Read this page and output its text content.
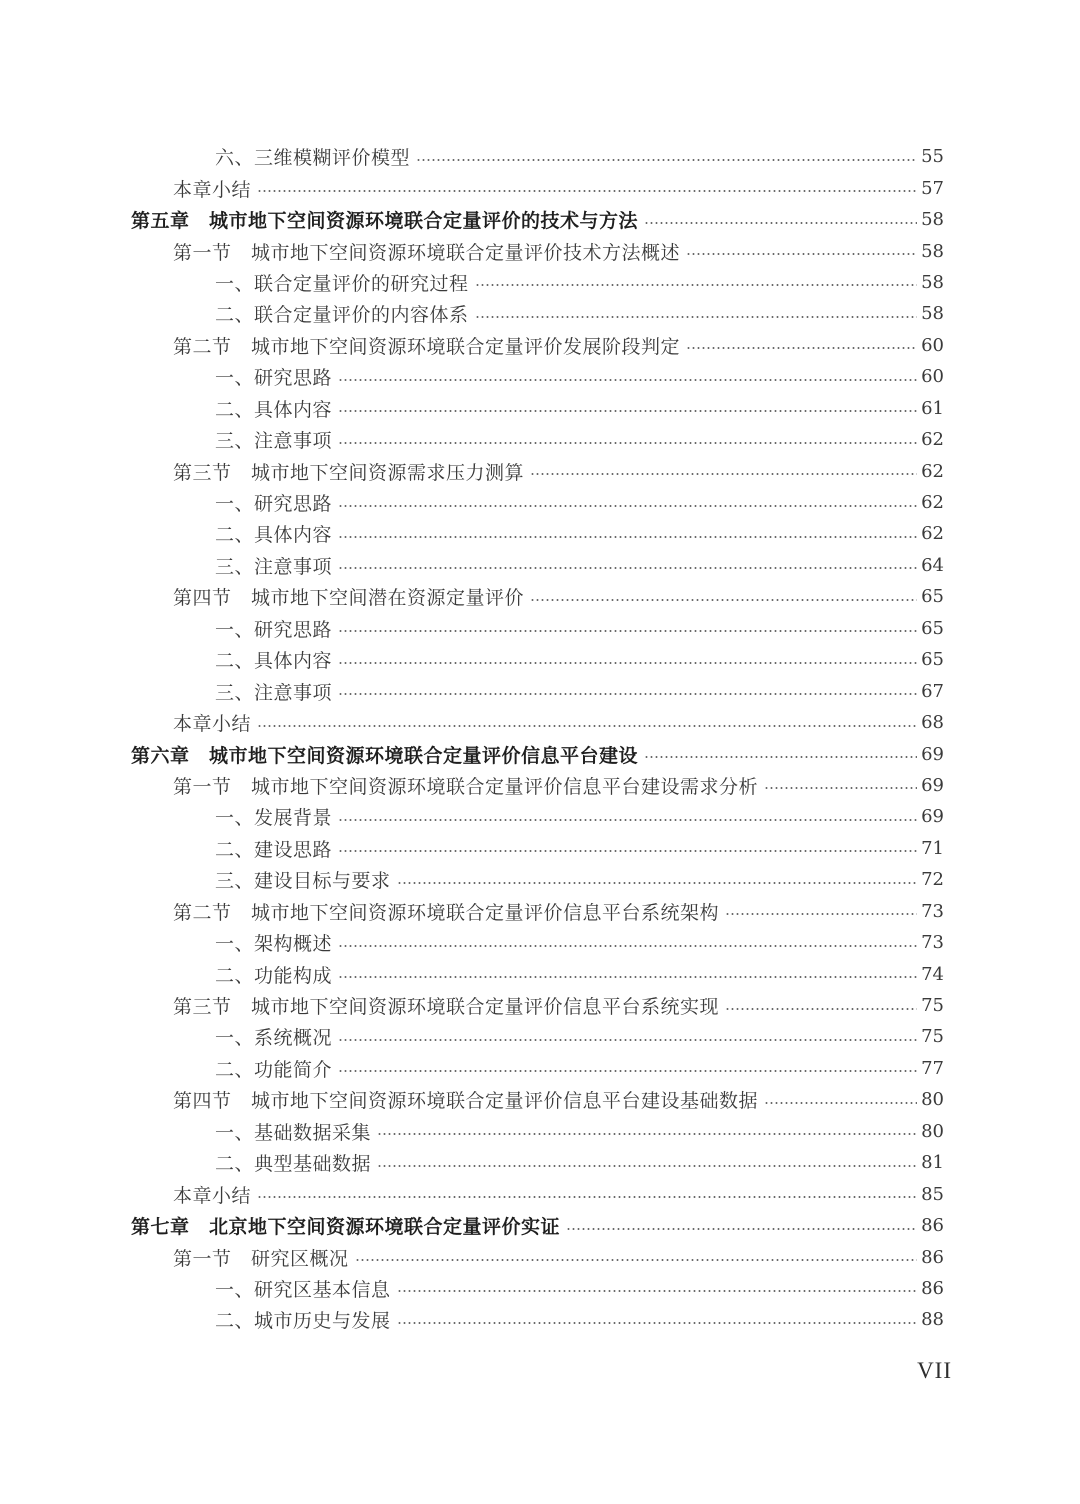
六、三维模糊评价模型	55
本章小结	57
第五章　城市地下空间资源环境联合定量评价的技术与方法	58
第一节　城市地下空间资源环境联合定量评价技术方法概述	58
一、联合定量评价的研究过程	58
二、联合定量评价的内容体系	58
第二节　城市地下空间资源环境联合定量评价发展阶段判定	60
一、研究思路	60
二、具体内容	61
三、注意事项	62
第三节　城市地下空间资源需求压力测算	62
一、研究思路	62
二、具体内容	62
三、注意事项	64
第四节　城市地下空间潜在资源定量评价	65
一、研究思路	65
二、具体内容	65
三、注意事项	67
本章小结	68
第六章　城市地下空间资源环境联合定量评价信息平台建设	69
第一节　城市地下空间资源环境联合定量评价信息平台建设需求分析	69
一、发展背景	69
二、建设思路	71
三、建设目标与要求	72
第二节　城市地下空间资源环境联合定量评价信息平台系统架构	73
一、架构概述	73
二、功能构成	74
第三节　城市地下空间资源环境联合定量评价信息平台系统实现	75
一、系统概况	75
二、功能简介	77
第四节　城市地下空间资源环境联合定量评价信息平台建设基础数据	80
一、基础数据采集	80
二、典型基础数据	81
本章小结	85
第七章　北京地下空间资源环境联合定量评价实证	86
第一节　研究区概况	86
一、研究区基本信息	86
二、城市历史与发展	88
VII
